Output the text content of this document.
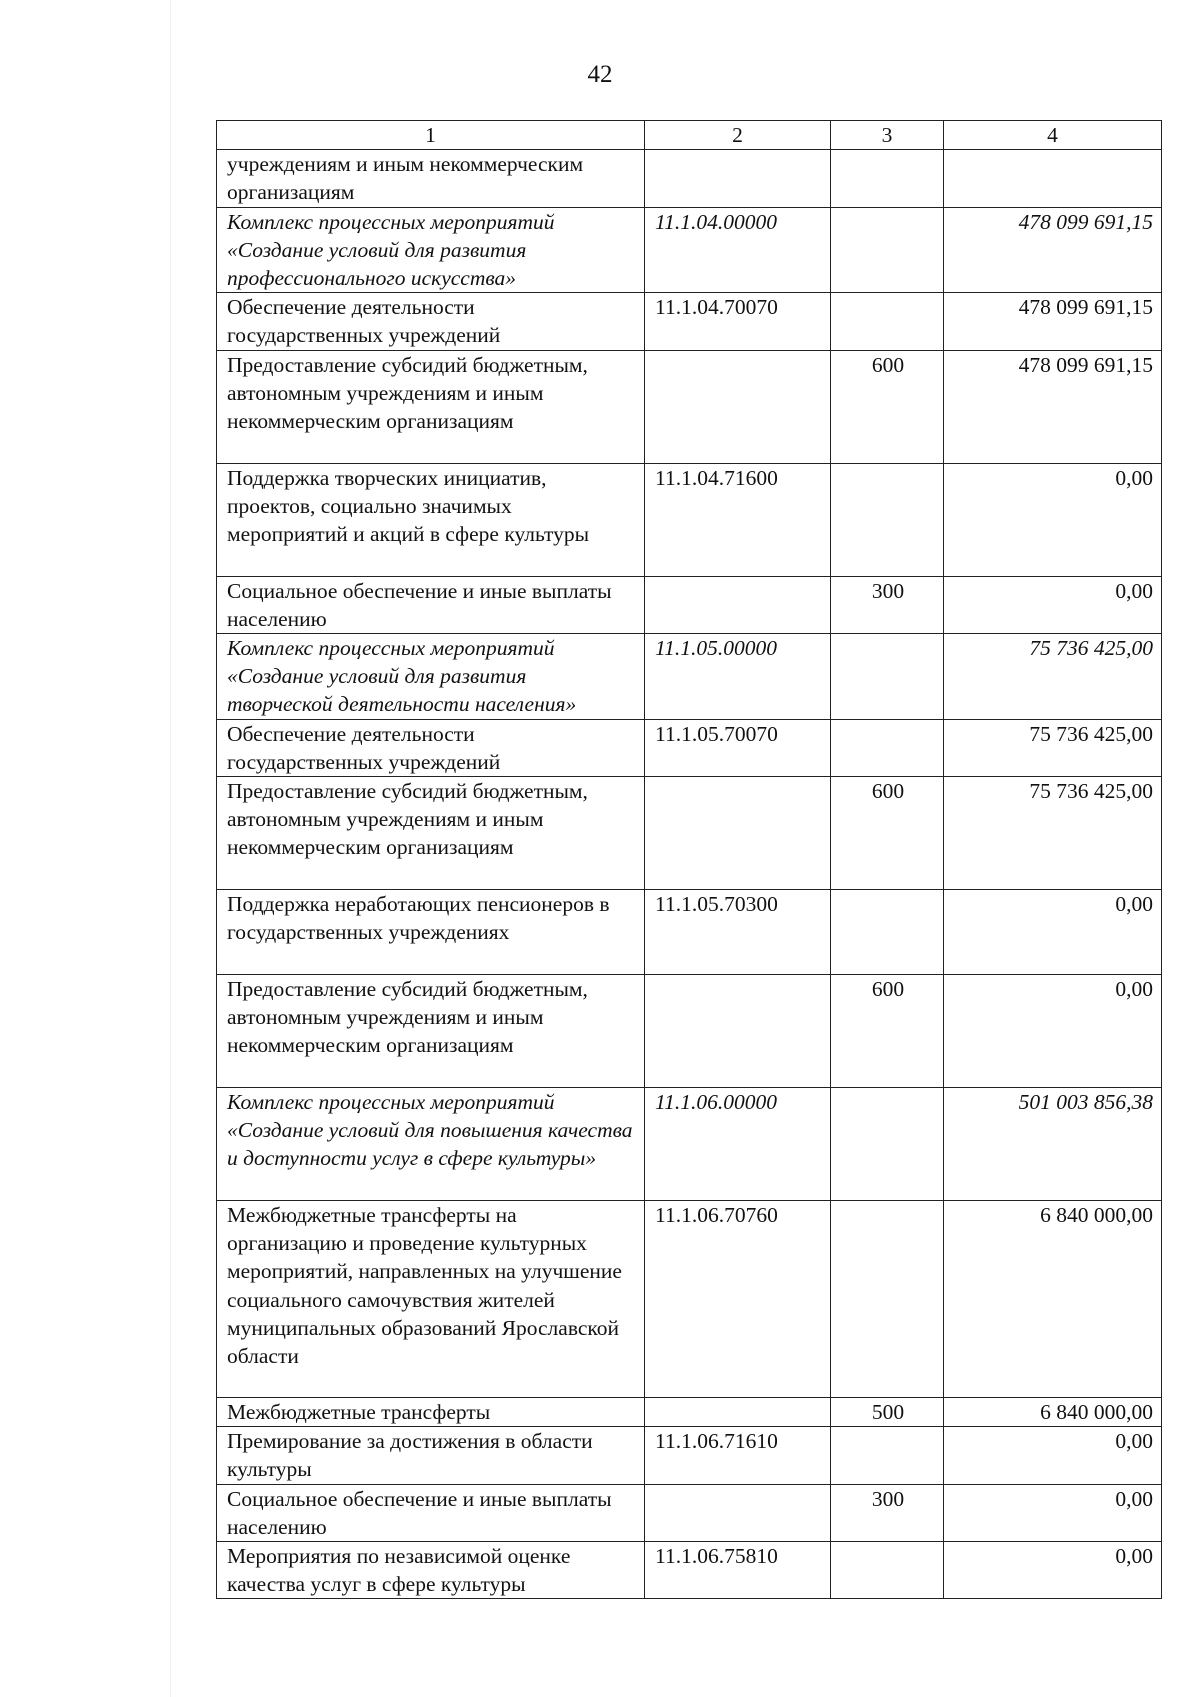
42
1	2	3	4
учреждениям и иным некоммерческим организациям			
Комплекс процессных мероприятий «Создание условий для развития профессионального искусства»	11.1.04.00000		478 099 691,15
Обеспечение деятельности государственных учреждений	11.1.04.70070		478 099 691,15
Предоставление субсидий бюджетным, автономным учреждениям и иным некоммерческим организациям		600	478 099 691,15
Поддержка творческих инициатив, проектов, социально значимых мероприятий и акций в сфере культуры	11.1.04.71600		0,00
Социальное обеспечение и иные выплаты населению		300	0,00
Комплекс процессных мероприятий «Создание условий для развития творческой деятельности населения»	11.1.05.00000		75 736 425,00
Обеспечение деятельности государственных учреждений	11.1.05.70070		75 736 425,00
Предоставление субсидий бюджетным, автономным учреждениям и иным некоммерческим организациям		600	75 736 425,00
Поддержка неработающих пенсионеров в государственных учреждениях	11.1.05.70300		0,00
Предоставление субсидий бюджетным, автономным учреждениям и иным некоммерческим организациям		600	0,00
Комплекс процессных мероприятий «Создание условий для повышения качества и доступности услуг в сфере культуры»	11.1.06.00000		501 003 856,38
Межбюджетные трансферты на организацию и проведение культурных мероприятий, направленных на улучшение социального самочувствия жителей муниципальных образований Ярославской области	11.1.06.70760		6 840 000,00
Межбюджетные трансферты		500	6 840 000,00
Премирование за достижения в области культуры	11.1.06.71610		0,00
Социальное обеспечение и иные выплаты населению		300	0,00
Мероприятия по независимой оценке качества услуг в сфере культуры	11.1.06.75810		0,00
